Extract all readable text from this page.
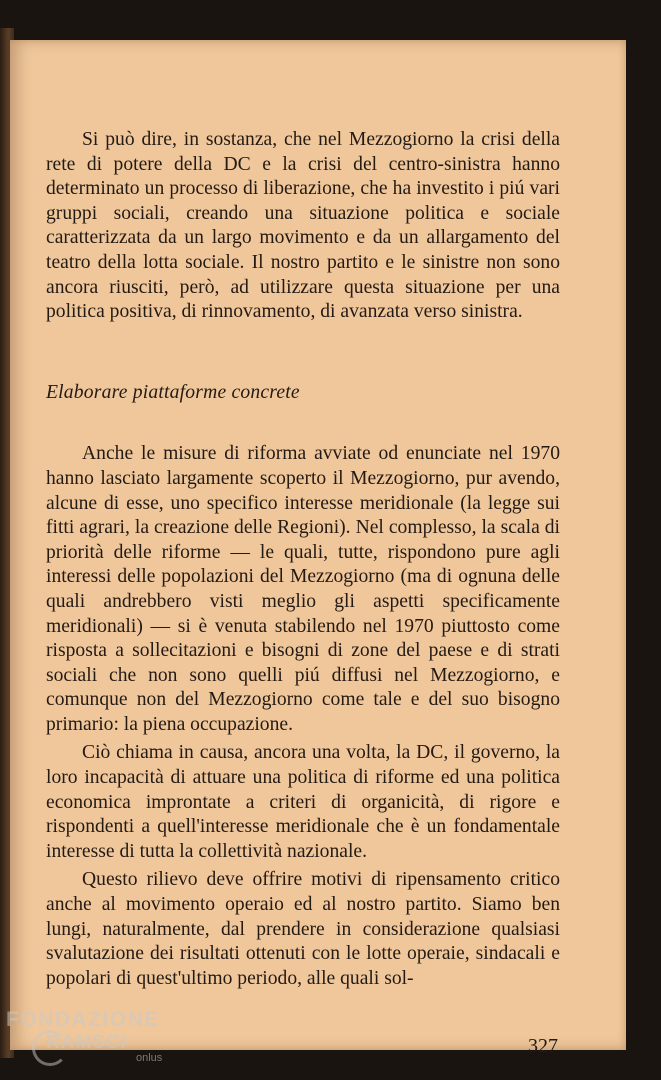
Si può dire, in sostanza, che nel Mezzogiorno la crisi della rete di potere della DC e la crisi del centro-sinistra hanno determinato un processo di liberazione, che ha investito i piú vari gruppi sociali, creando una situazione politica e sociale caratterizzata da un largo movimento e da un allargamento del teatro della lotta sociale. Il nostro partito e le sinistre non sono ancora riusciti, però, ad utilizzare questa situazione per una politica positiva, di rinnovamento, di avanzata verso sinistra.

Elaborare piattaforme concrete

Anche le misure di riforma avviate od enunciate nel 1970 hanno lasciato largamente scoperto il Mezzogiorno, pur avendo, alcune di esse, uno specifico interesse meridionale (la legge sui fitti agrari, la creazione delle Regioni). Nel complesso, la scala di priorità delle riforme — le quali, tutte, rispondono pure agli interessi delle popolazioni del Mezzogiorno (ma di ognuna delle quali andrebbero visti meglio gli aspetti specificamente meridionali) — si è venuta stabilendo nel 1970 piuttosto come risposta a sollecitazioni e bisogni di zone del paese e di strati sociali che non sono quelli piú diffusi nel Mezzogiorno, e comunque non del Mezzogiorno come tale e del suo bisogno primario: la piena occupazione.

Ciò chiama in causa, ancora una volta, la DC, il governo, la loro incapacità di attuare una politica di riforme ed una politica economica improntate a criteri di organicità, di rigore e rispondenti a quell'interesse meridionale che è un fondamentale interesse di tutta la collettività nazionale.

Questo rilievo deve offrire motivi di ripensamento critico anche al movimento operaio ed al nostro partito. Siamo ben lungi, naturalmente, dal prendere in considerazione qualsiasi svalutazione dei risultati ottenuti con le lotte operaie, sindacali e popolari di quest'ultimo periodo, alle quali sol-

327
FONDAZIONE
RAMSCI
onlus
